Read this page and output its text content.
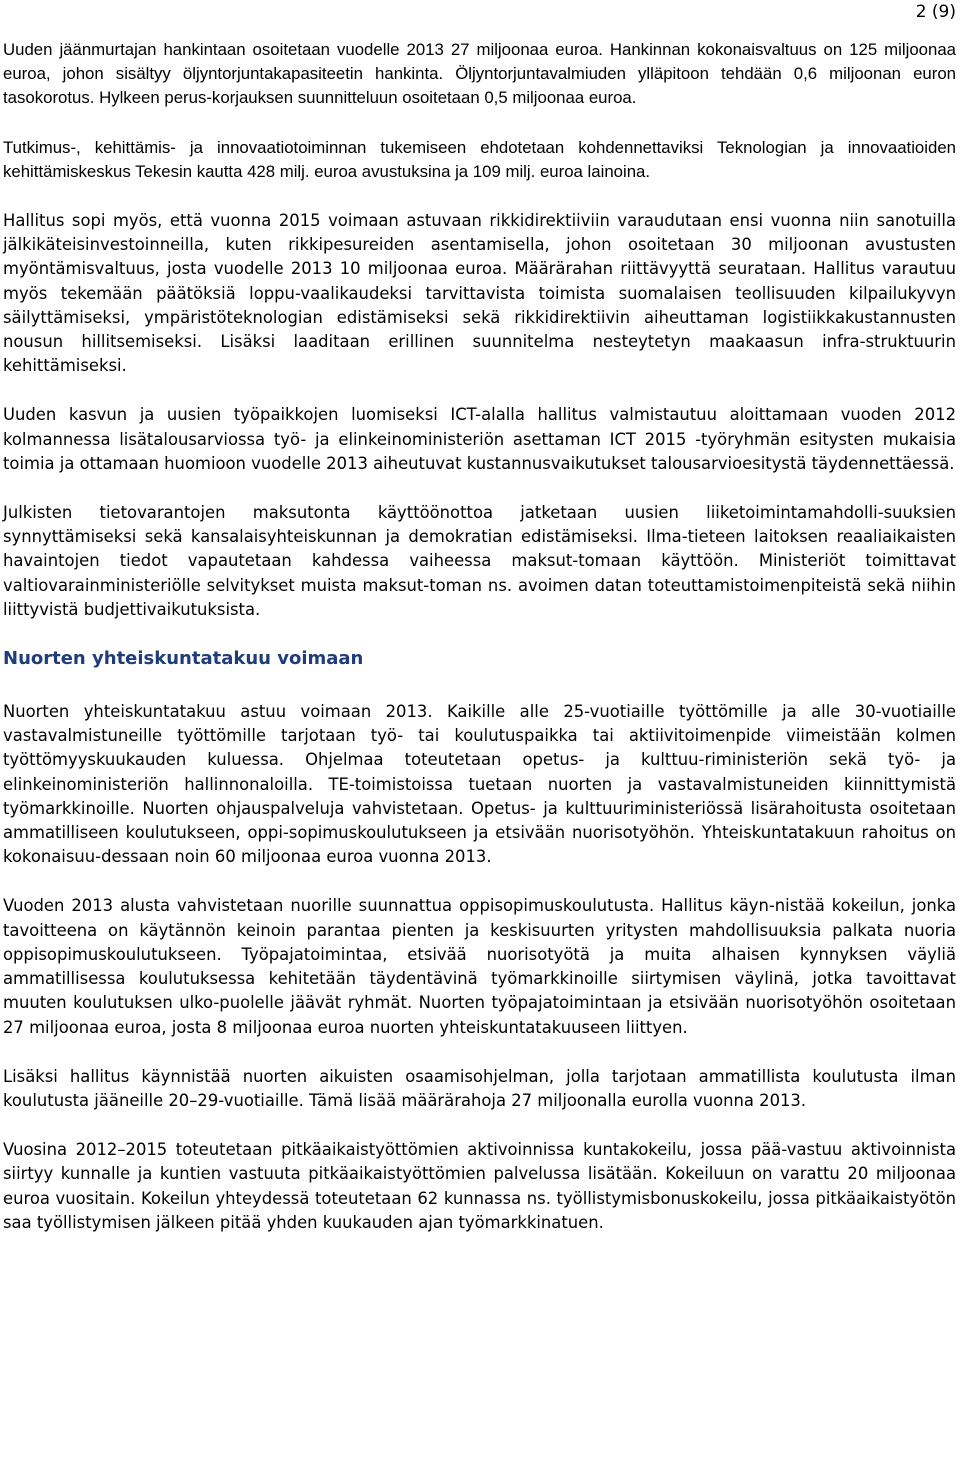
2 (9)

Uuden jäänmurtajan hankintaan osoitetaan vuodelle 2013 27 miljoonaa euroa. Hankinnan kokonaisvaltuus on 125 miljoonaa euroa, johon sisältyy öljyntorjuntakapasiteetin hankinta. Öljyntorjuntavalmiuden ylläpitoon tehdään 0,6 miljoonan euron tasokorotus. Hylkeen perus-korjauksen suunnitteluun osoitetaan 0,5 miljoonaa euroa.

Tutkimus-, kehittämis- ja innovaatiotoiminnan tukemiseen ehdotetaan kohdennettaviksi Teknologian ja innovaatioiden kehittämiskeskus Tekesin kautta 428 milj. euroa avustuksina ja 109 milj. euroa lainoina.

Hallitus sopi myös, että vuonna 2015 voimaan astuvaan rikkidirektiiviin varaudutaan ensi vuonna niin sanotuilla jälkikäteisinvestoinneilla, kuten rikkipesureiden asentamisella, johon osoitetaan 30 miljoonan avustusten myöntämisvaltuus, josta vuodelle 2013 10 miljoonaa euroa. Määrärahan riittävyyttä seurataan. Hallitus varautuu myös tekemään päätöksiä loppu-vaalikaudeksi tarvittavista toimista suomalaisen teollisuuden kilpailukyvyn säilyttämiseksi, ympäristöteknologian edistämiseksi sekä rikkidirektiivin aiheuttaman logistiikkakustannusten nousun hillitsemiseksi. Lisäksi laaditaan erillinen suunnitelma nesteytetyn maakaasun infra-struktuurin kehittämiseksi.

Uuden kasvun ja uusien työpaikkojen luomiseksi ICT-alalla hallitus valmistautuu aloittamaan vuoden 2012 kolmannessa lisätalousarviossa työ- ja elinkeinoministeriön asettaman ICT 2015 -työryhmän esitysten mukaisia toimia ja ottamaan huomioon vuodelle 2013 aiheutuvat kustannusvaikutukset talousarvioesitystä täydennettäessä.

Julkisten tietovarantojen maksutonta käyttöönottoa jatketaan uusien liiketoimintamahdolli-suuksien synnyttämiseksi sekä kansalaisyhteiskunnan ja demokratian edistämiseksi. Ilma-tieteen laitoksen reaaliaikaisten havaintojen tiedot vapautetaan kahdessa vaiheessa maksut-tomaan käyttöön. Ministeriöt toimittavat valtiovarainministeriölle selvitykset muista maksut-toman ns. avoimen datan toteuttamistoimenpiteistä sekä niihin liittyvistä budjettivaikutuksista.

Nuorten yhteiskuntatakuu voimaan

Nuorten yhteiskuntatakuu astuu voimaan 2013. Kaikille alle 25-vuotiaille työttömille ja alle 30-vuotiaille vastavalmistuneille työttömille tarjotaan työ- tai koulutuspaikka tai aktiivitoimenpide viimeistään kolmen työttömyyskuukauden kuluessa. Ohjelmaa toteutetaan opetus- ja kulttuu-riministeriön sekä työ- ja elinkeinoministeriön hallinnonaloilla. TE-toimistoissa tuetaan nuorten ja vastavalmistuneiden kiinnittymistä työmarkkinoille. Nuorten ohjauspalveluja vahvistetaan. Opetus- ja kulttuuriministeriössä lisärahoitusta osoitetaan ammatilliseen koulutukseen, oppi-sopimuskoulutukseen ja etsivään nuorisotyöhön. Yhteiskuntatakuun rahoitus on kokonaisuu-dessaan noin 60 miljoonaa euroa vuonna 2013.

Vuoden 2013 alusta vahvistetaan nuorille suunnattua oppisopimuskoulutusta. Hallitus käyn-nistää kokeilun, jonka tavoitteena on käytännön keinoin parantaa pienten ja keskisuurten yritysten mahdollisuuksia palkata nuoria oppisopimuskoulutukseen. Työpajatoimintaa, etsivää nuorisotyötä ja muita alhaisen kynnyksen väyliä ammatillisessa koulutuksessa kehitetään täydentävinä työmarkkinoille siirtymisen väylinä, jotka tavoittavat muuten koulutuksen ulko-puolelle jäävät ryhmät. Nuorten työpajatoimintaan ja etsivään nuorisotyöhön osoitetaan 27 miljoonaa euroa, josta 8 miljoonaa euroa nuorten yhteiskuntatakuuseen liittyen.

Lisäksi hallitus käynnistää nuorten aikuisten osaamisohjelman, jolla tarjotaan ammatillista koulutusta ilman koulutusta jääneille 20–29-vuotiaille. Tämä lisää määrärahoja 27 miljoonalla eurolla vuonna 2013.

Vuosina 2012–2015 toteutetaan pitkäaikaistyöttömien aktivoinnissa kuntakokeilu, jossa pää-vastuu aktivoinnista siirtyy kunnalle ja kuntien vastuuta pitkäaikaistyöttömien palvelussa lisätään. Kokeiluun on varattu 20 miljoonaa euroa vuositain. Kokeilun yhteydessä toteutetaan 62 kunnassa ns. työllistymisbonuskokeilu, jossa pitkäaikaistyötön saa työllistymisen jälkeen pitää yhden kuukauden ajan työmarkkinatuen.
